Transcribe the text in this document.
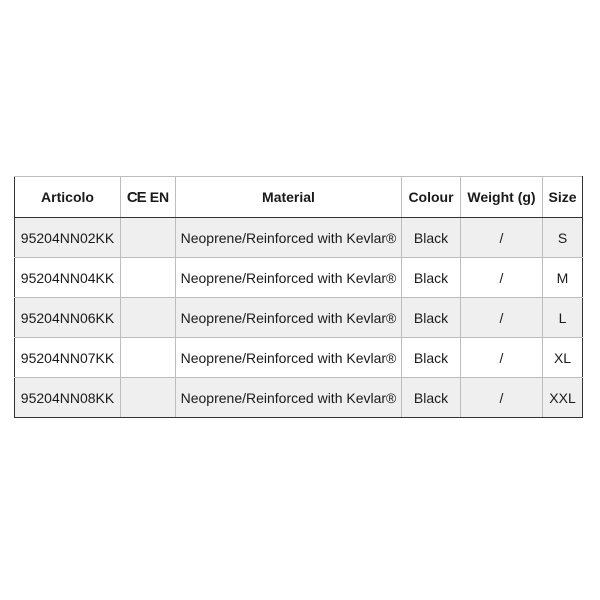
Articolo	CE EN	Material	Colour	Weight (g)	Size
95204NN02KK		Neoprene/Reinforced with Kevlar®	Black	/	S
95204NN04KK		Neoprene/Reinforced with Kevlar®	Black	/	M
95204NN06KK		Neoprene/Reinforced with Kevlar®	Black	/	L
95204NN07KK		Neoprene/Reinforced with Kevlar®	Black	/	XL
95204NN08KK		Neoprene/Reinforced with Kevlar®	Black	/	XXL
